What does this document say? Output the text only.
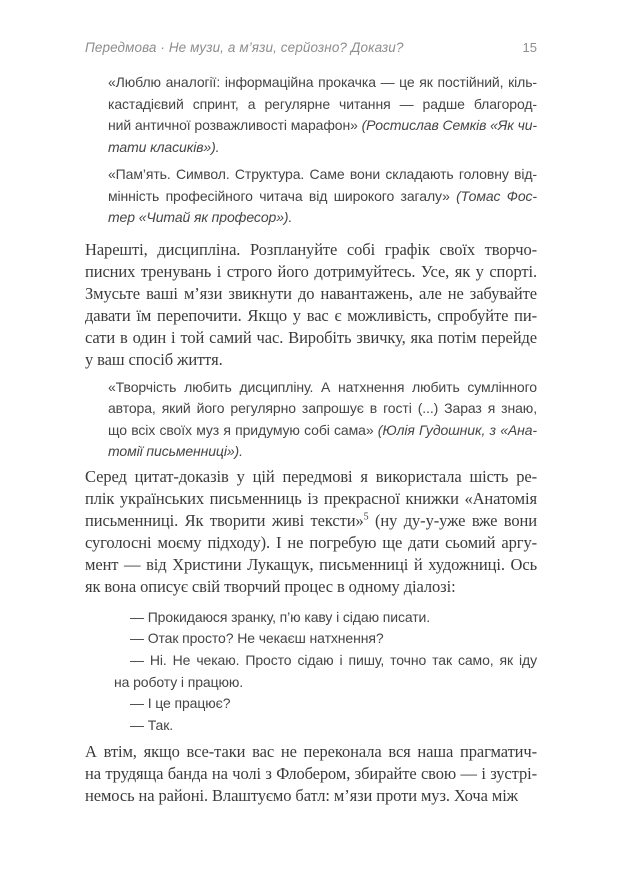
Передмова · Не музи, а м’язи, серйозно? Докази?	15
«Люблю аналогії: інформаційна прокачка — це як постійний, кіль-
кастадієвий спринт, а регулярне читання — радше благород-
ний античної розважливості марафон» (Ростислав Семків «Як чи-
тати класиків»).
«Пам’ять. Символ. Структура. Саме вони складають головну від-
мінність професійного читача від широкого загалу» (Томас Фос-
тер «Читай як професор»).
Нарешті, дисципліна. Розплануйте собі графік своїх творчо-
писних тренувань і строго його дотримуйтесь. Усе, як у спорті.
Змусьте ваші м’язи звикнути до навантажень, але не забувайте
давати їм перепочити. Якщо у вас є можливість, спробуйте пи-
сати в один і той самий час. Виробіть звичку, яка потім перейде
у ваш спосіб життя.
«Творчість любить дисципліну. А натхнення любить сумлінного
автора, який його регулярно запрошує в гості (...) Зараз я знаю,
що всіх своїх муз я придумую собі сама» (Юлія Гудошник, з «Ана-
томії письменниці»).
Серед цитат-доказів у цій передмові я використала шість ре-
плік українських письменниць із прекрасної книжки «Анатомія
письменниці. Як творити живі тексти»$^5$ (ну ду-у-уже вже вони
суголосні моєму підходу). І не погребую ще дати сьомий аргу-
мент — від Христини Лукащук, письменниці й художниці. Ось
як вона описує свій творчий процес в одному діалозі:
— Прокидаюся зранку, п’ю каву і сідаю писати.
— Отак просто? Не чекаєш натхнення?
— Ні. Не чекаю. Просто сідаю і пишу, точно так само, як іду
на роботу і працюю.
— І це працює?
— Так.
А втім, якщо все-таки вас не переконала вся наша прагматич-
на трудяща банда на чолі з Флобером, збирайте свою — і зустрі-
немось на районі. Влаштуємо батл: м’язи проти муз. Хоча між
